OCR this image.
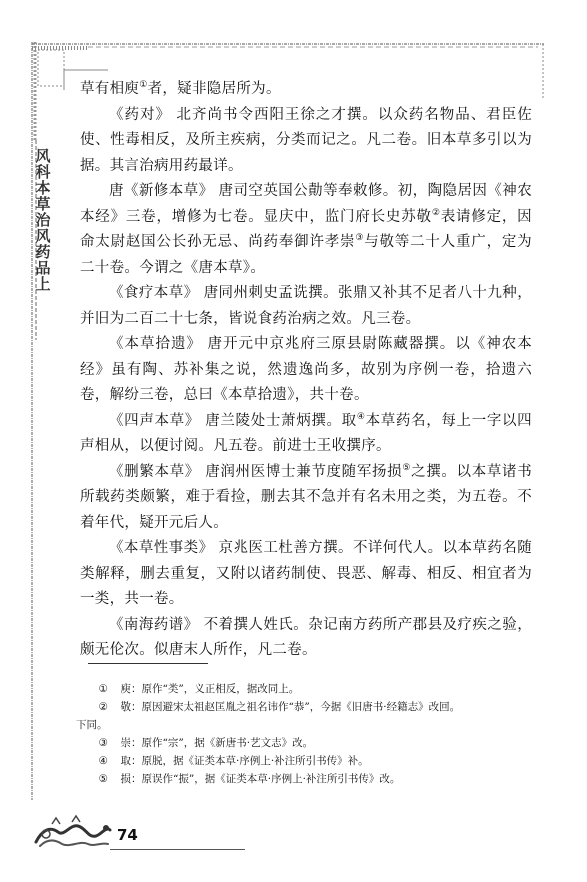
风科本草治风药品上

草有相庾①者，疑非隐居所为。

《药对》 北齐尚书令西阳王徐之才撰。以众药名物品、君臣佐使、性毒相反，及所主疾病，分类而记之。凡二卷。旧本草多引以为据。其言治病用药最详。

唐《新修本草》 唐司空英国公勣等奉敕修。初，陶隐居因《神农本经》三卷，增修为七卷。显庆中，监门府长史苏敬②表请修定，因命太尉赵国公长孙无忌、尚药奉御许孝崇③与敬等二十人重广，定为二十卷。今谓之《唐本草》。

《食疗本草》 唐同州刺史孟诜撰。张鼎又补其不足者八十九种，并旧为二百二十七条，皆说食药治病之效。凡三卷。

《本草拾遗》 唐开元中京兆府三原县尉陈藏器撰。以《神农本经》虽有陶、苏补集之说，然遗逸尚多，故别为序例一卷，拾遗六卷，解纷三卷，总曰《本草拾遗》，共十卷。

《四声本草》 唐兰陵处士萧炳撰。取④本草药名，每上一字以四声相从，以便讨阅。凡五卷。前进士王收撰序。

《删繁本草》 唐润州医博士兼节度随军扬损⑤之撰。以本草诸书所载药类颇繁，难于看捡，删去其不急并有名未用之类，为五卷。不着年代，疑开元后人。

《本草性事类》 京兆医工杜善方撰。不详何代人。以本草药名随类解释，删去重复，又附以诸药制使、畏恶、解毒、相反、相宜者为一类，共一卷。

《南海药谱》 不着撰人姓氏。杂记南方药所产郡县及疗疾之验，颇无伦次。似唐末人所作，凡二卷。

① 庾：原作“类”，义正相反，据改同上。

② 敬：原因避宋太祖赵匡胤之祖名讳作“恭”，今据《旧唐书·经籍志》改回。
下同。

③ 崇：原作“宗”，据《新唐书·艺文志》改。

④ 取：原脱，据《证类本草·序例上·补注所引书传》补。

⑤ 损：原误作“振”，据《证类本草·序例上·补注所引书传》改。

74
